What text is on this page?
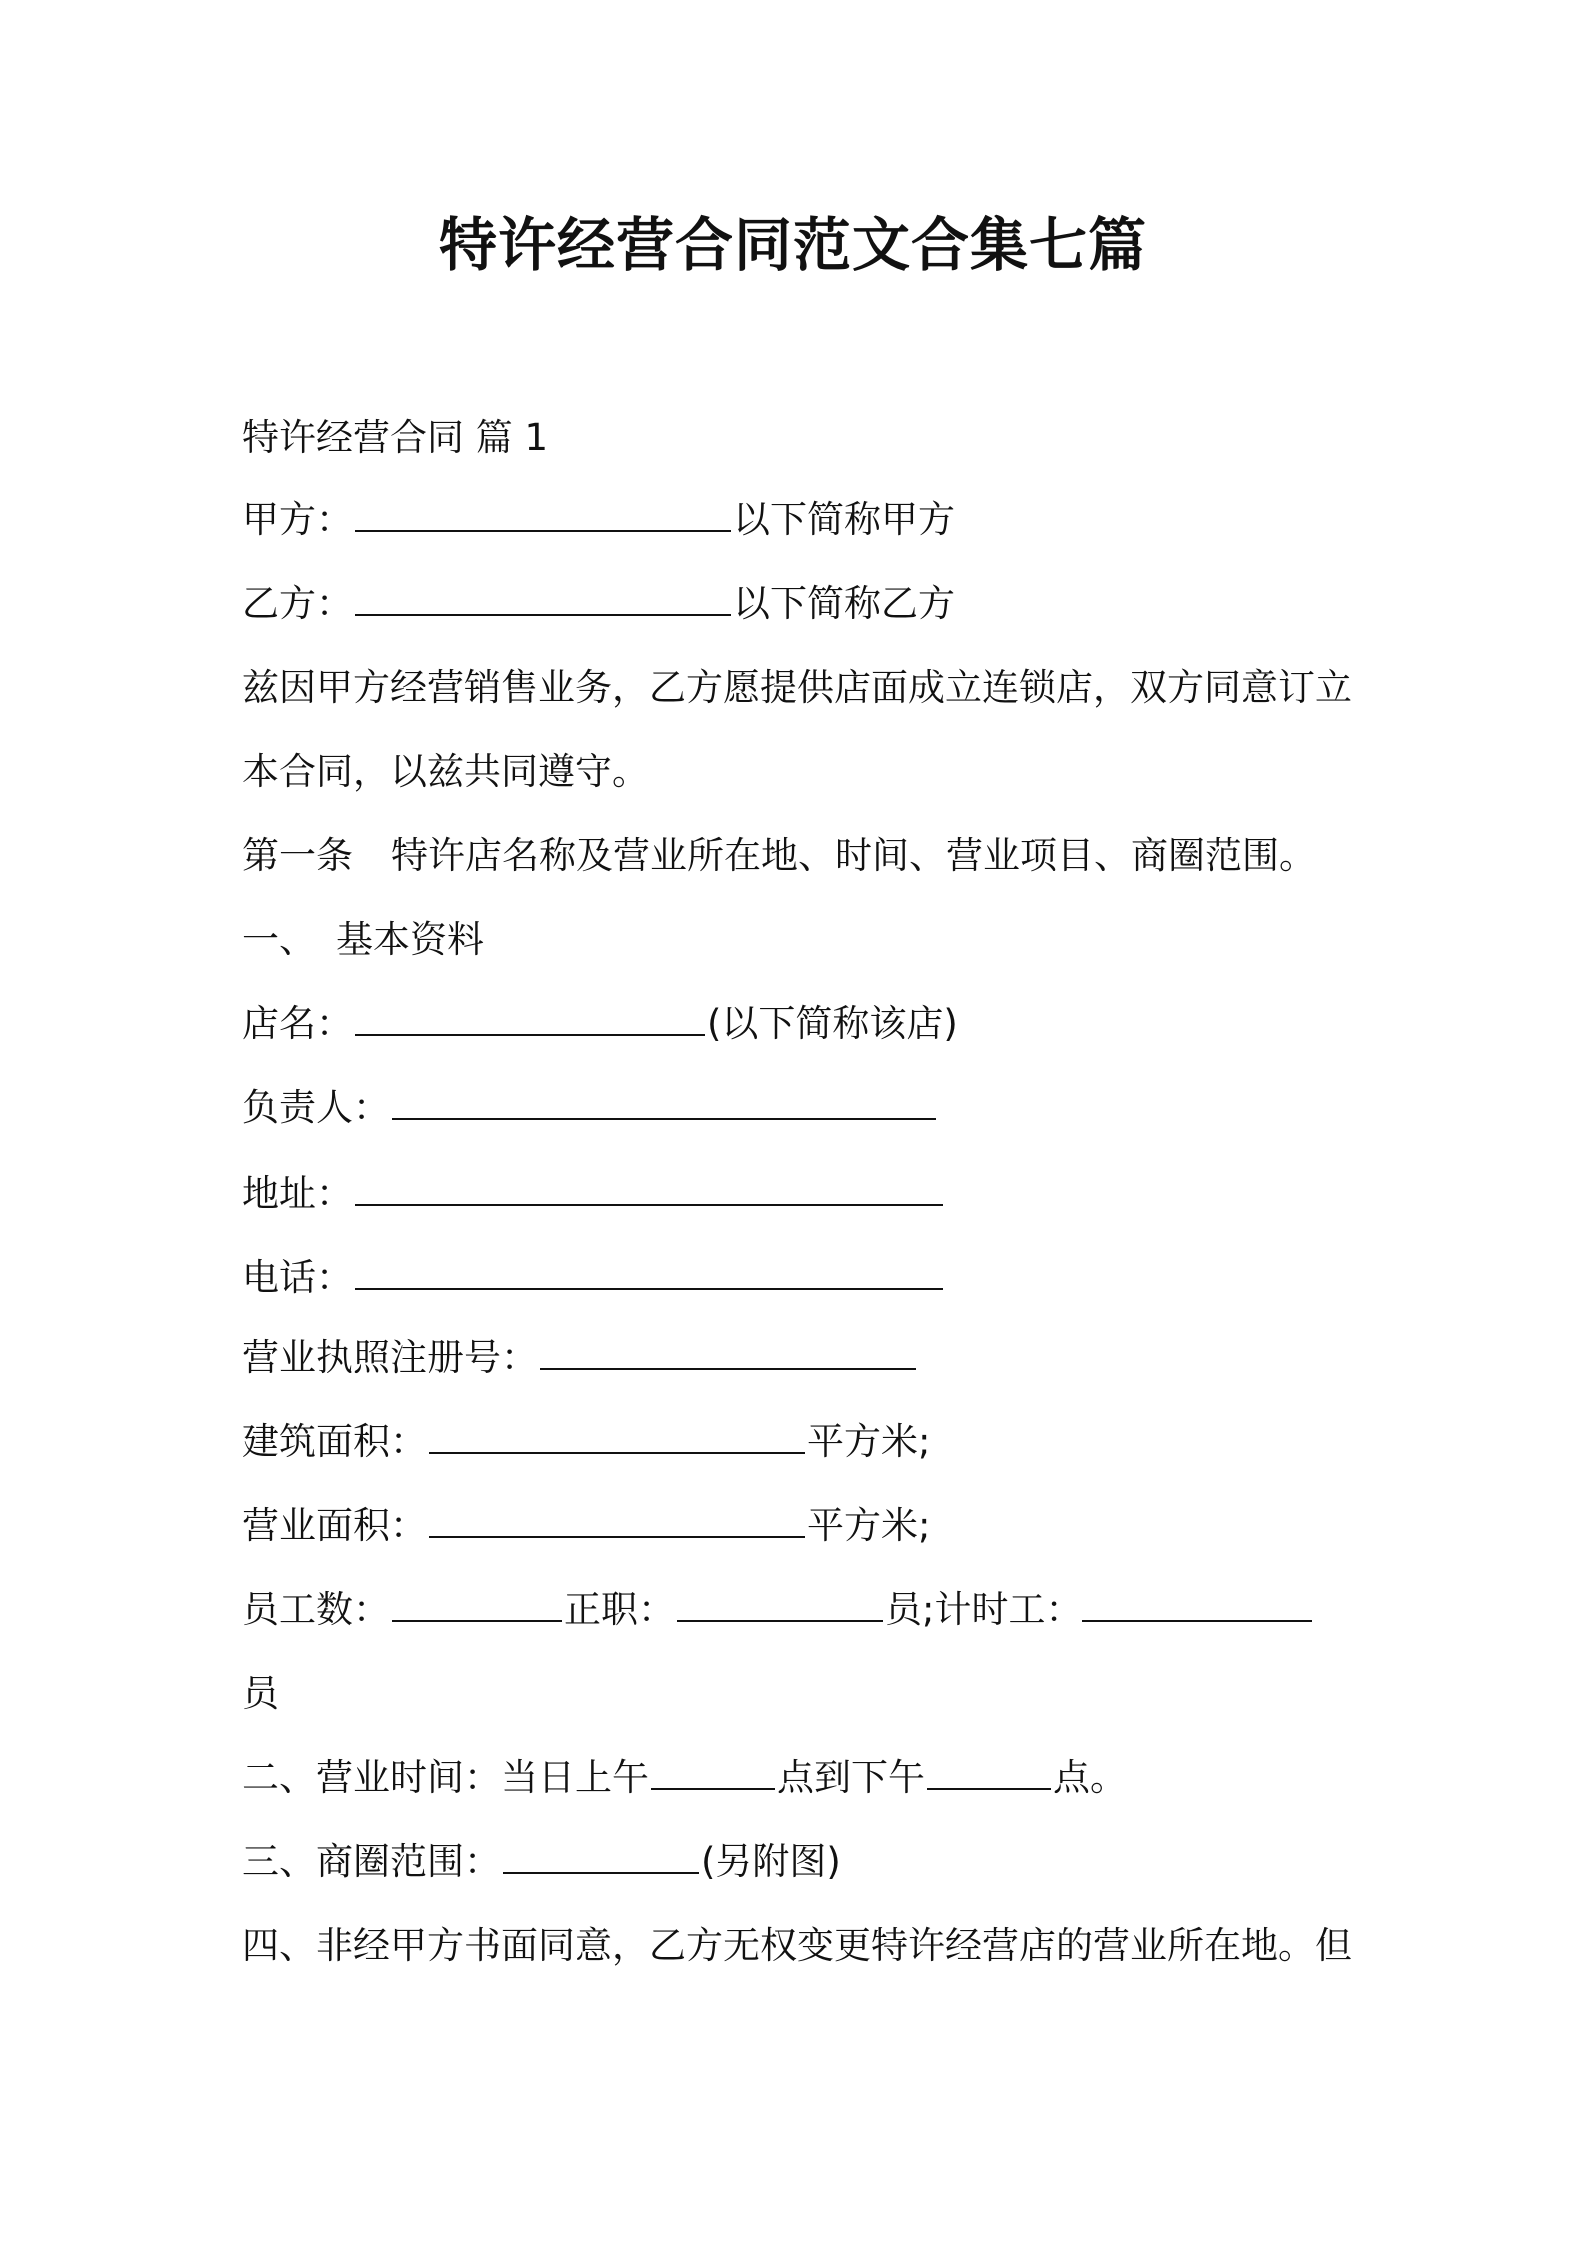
特许经营合同范文合集七篇
特许经营合同 篇 1
甲方：	以下简称甲方
乙方：	以下简称乙方
兹因甲方经营销售业务，乙方愿提供店面成立连锁店，双方同意订立
本合同，以兹共同遵守。
第一条 特许店名称及营业所在地、时间、营业项目、商圈范围。
一、 基本资料
店名：	(以下简称该店)
负责人：
地址：
电话：
营业执照注册号：
建筑面积：	平方米;
营业面积：	平方米;
员工数：	正职：	员;计时工：
员
二、营业时间：当日上午	点到下午	点。
三、商圈范围：	(另附图)
四、非经甲方书面同意，乙方无权变更特许经营店的营业所在地。但
